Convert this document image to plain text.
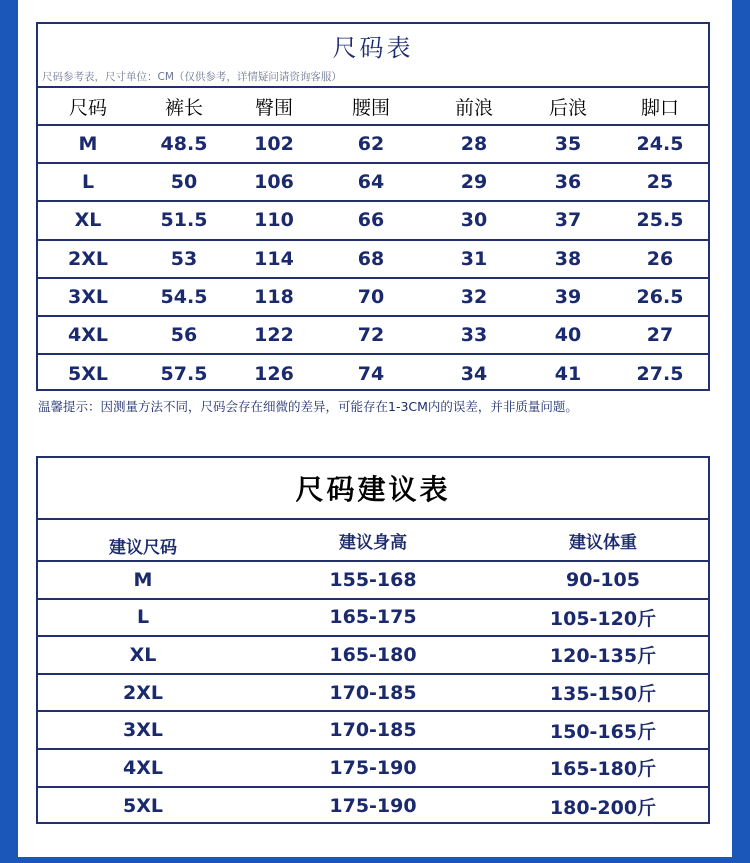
尺码表
尺码参考表，尺寸单位：CM（仅供参考，详情疑问请资询客服）
尺码	裤长	臀围	腰围	前浪	后浪	脚口
M	48.5	102	62	28	35	24.5
L	50	106	64	29	36	25
XL	51.5	110	66	30	37	25.5
2XL	53	114	68	31	38	26
3XL	54.5	118	70	32	39	26.5
4XL	56	122	72	33	40	27
5XL	57.5	126	74	34	41	27.5
温馨提示：因测量方法不同，尺码会存在细微的差异，可能存在1-3CM内的误差，并非质量问题。
尺码建议表
建议尺码	建议身高	建议体重
M	155-168	90-105
L	165-175	105-120斤
XL	165-180	120-135斤
2XL	170-185	135-150斤
3XL	170-185	150-165斤
4XL	175-190	165-180斤
5XL	175-190	180-200斤
